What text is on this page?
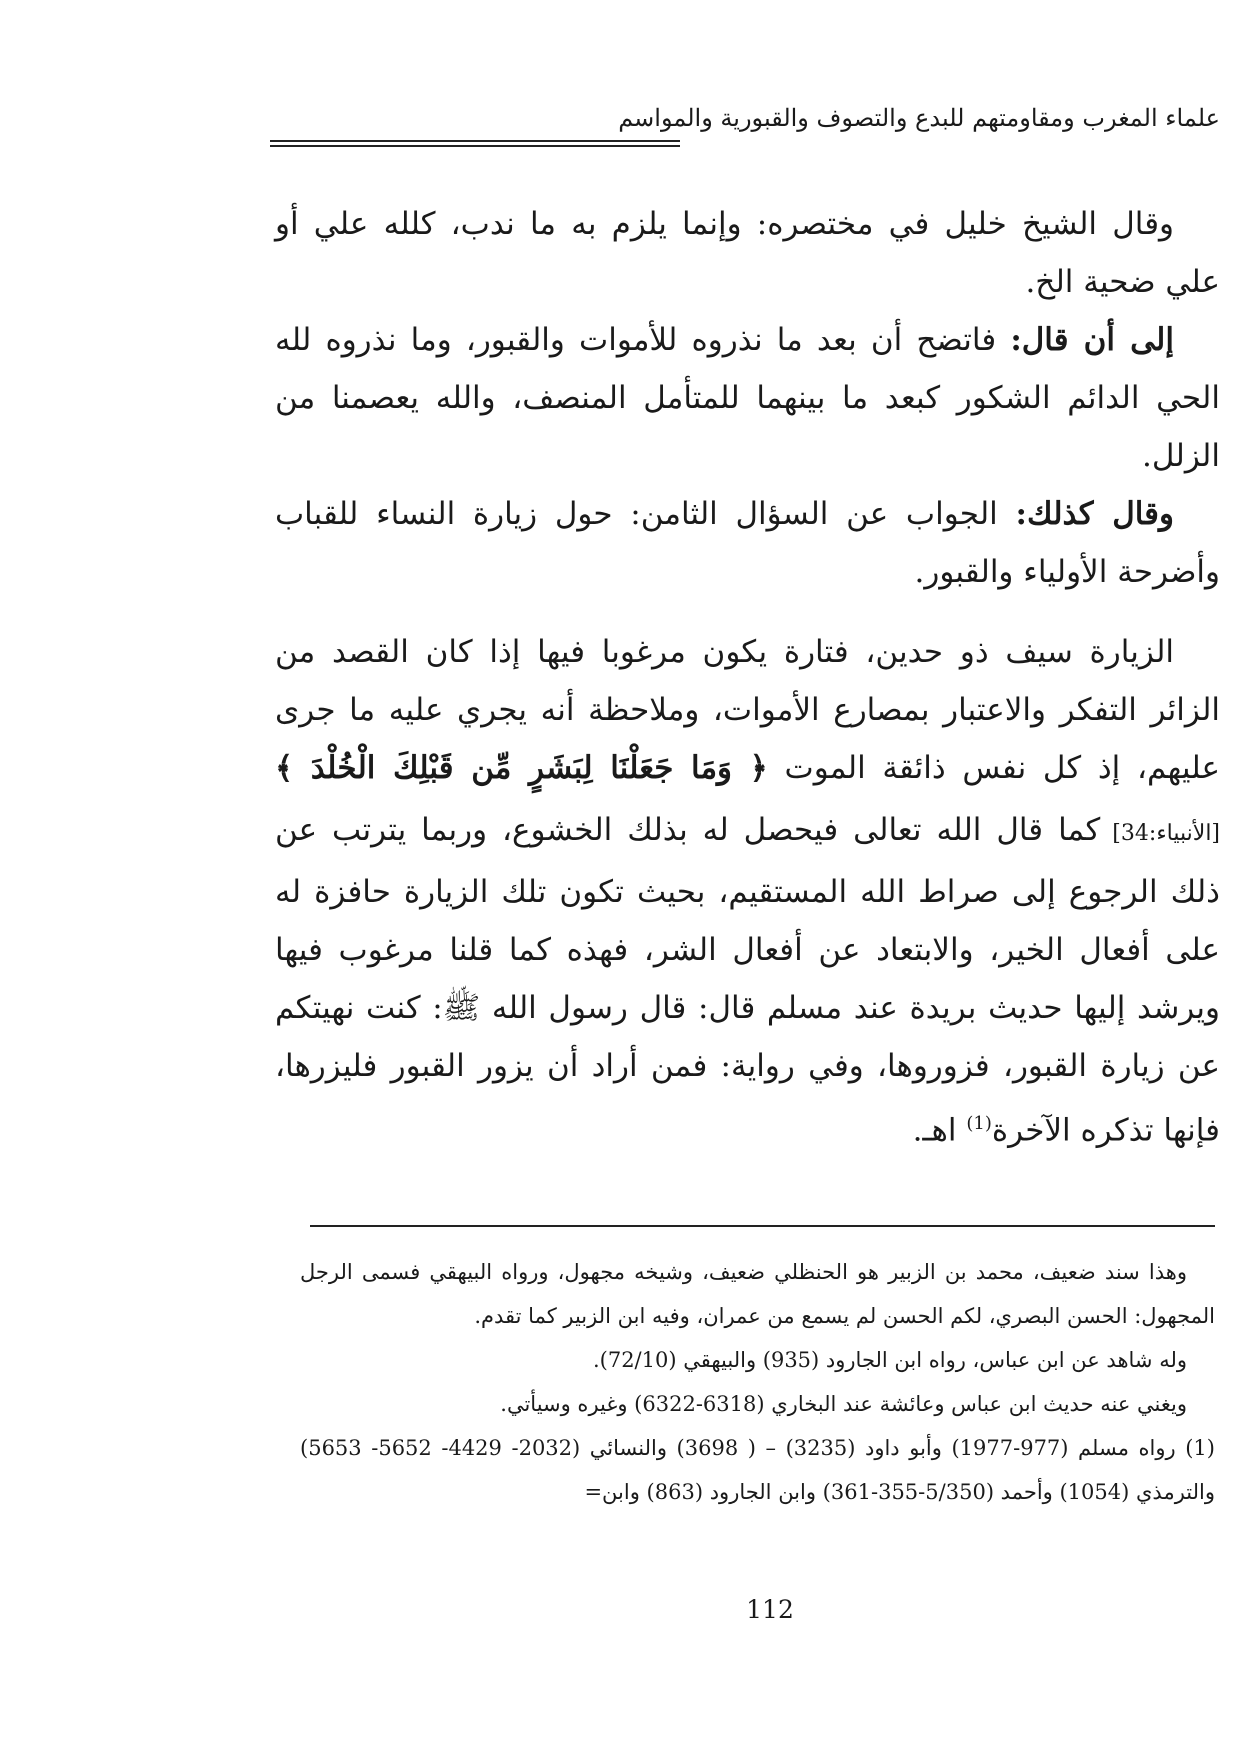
علماء المغرب ومقاومتهم للبدع والتصوف والقبورية والمواسم

وقال الشيخ خليل في مختصره: وإنما يلزم به ما ندب، كلله علي أو علي ضحية الخ.

إلى أن قال: فاتضح أن بعد ما نذروه للأموات والقبور، وما نذروه لله الحي الدائم الشكور كبعد ما بينهما للمتأمل المنصف، والله يعصمنا من الزلل.

وقال كذلك: الجواب عن السؤال الثامن: حول زيارة النساء للقباب وأضرحة الأولياء والقبور.

الزيارة سيف ذو حدين، فتارة يكون مرغوبا فيها إذا كان القصد من الزائر التفكر والاعتبار بمصارع الأموات، وملاحظة أنه يجري عليه ما جرى عليهم، إذ كل نفس ذائقة الموت ﴿ وَمَا جَعَلْنَا لِبَشَرٍ مِّن قَبْلِكَ الْخُلْدَ ﴾ [الأنبياء:34] كما قال الله تعالى فيحصل له بذلك الخشوع، وربما يترتب عن ذلك الرجوع إلى صراط الله المستقيم، بحيث تكون تلك الزيارة حافزة له على أفعال الخير، والابتعاد عن أفعال الشر، فهذه كما قلنا مرغوب فيها ويرشد إليها حديث بريدة عند مسلم قال: قال رسول الله ﷺ: كنت نهيتكم عن زيارة القبور، فزوروها، وفي رواية: فمن أراد أن يزور القبور فليزرها، فإنها تذكره الآخرة$^{(1)}$ اهـ.

وهذا سند ضعيف، محمد بن الزبير هو الحنظلي ضعيف، وشيخه مجهول، ورواه البيهقي فسمى الرجل المجهول: الحسن البصري، لكم الحسن لم يسمع من عمران، وفيه ابن الزبير كما تقدم.

وله شاهد عن ابن عباس، رواه ابن الجارود (935) والبيهقي (72/10).

ويغني عنه حديث ابن عباس وعائشة عند البخاري (6318-6322) وغيره وسيأتي.

(1) رواه مسلم (977-1977) وأبو داود (3235) – ( 3698) والنسائي (2032- 4429- 5652- 5653) والترمذي (1054) وأحمد (5/350-355-361) وابن الجارود (863) وابن=

112
